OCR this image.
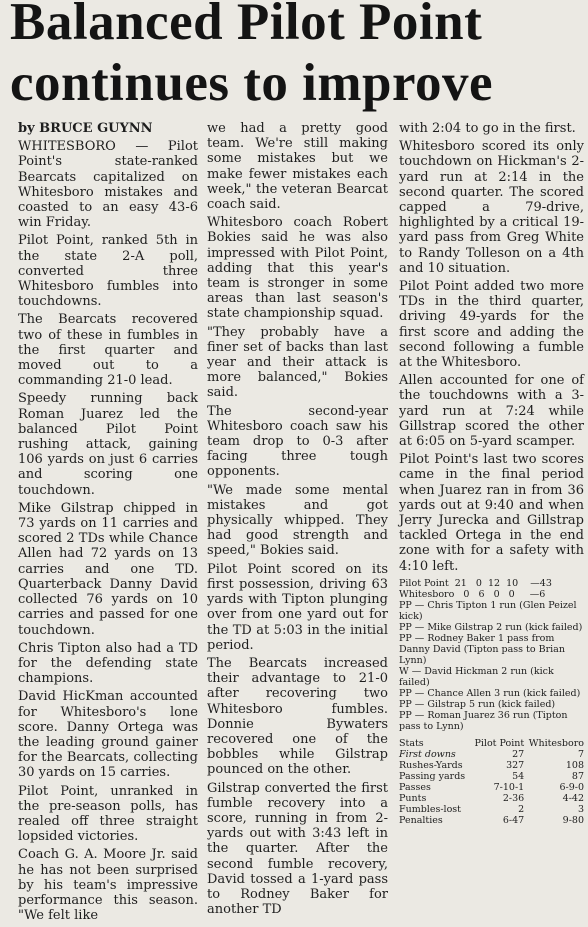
Balanced Pilot Point
continues to improve

by BRUCE GUYNN

WHITESBORO — Pilot Point's state-ranked Bearcats capitalized on Whitesboro mistakes and coasted to an easy 43-6 win Friday.

Pilot Point, ranked 5th in the state 2-A poll, converted three Whitesboro fumbles into touchdowns.

The Bearcats recovered two of these in fumbles in the first quarter and moved out to a commanding 21-0 lead.

Speedy running back Roman Juarez led the balanced Pilot Point rushing attack, gaining 106 yards on just 6 carries and scoring one touchdown.

Mike Gilstrap chipped in 73 yards on 11 carries and scored 2 TDs while Chance Allen had 72 yards on 13 carries and one TD. Quarterback Danny David collected 76 yards on 10 carries and passed for one touchdown.

Chris Tipton also had a TD for the defending state champions.

David HicKman accounted for Whitesboro's lone score. Danny Ortega was the leading ground gainer for the Bearcats, collecting 30 yards on 15 carries.

Pilot Point, unranked in the pre-season polls, has realed off three straight lopsided victories.

Coach G. A. Moore Jr. said he has not been surprised by his team's impressive performance this season. "We felt like

we had a pretty good team. We're still making some mistakes but we make fewer mistakes each week," the veteran Bearcat coach said.

Whitesboro coach Robert Bokies said he was also impressed with Pilot Point, adding that this year's team is stronger in some areas than last season's state championship squad.

"They probably have a finer set of backs than last year and their attack is more balanced," Bokies said.

The second-year Whitesboro coach saw his team drop to 0-3 after facing three tough opponents.

"We made some mental mistakes and got physically whipped. They had good strength and speed," Bokies said.

Pilot Point scored on its first possession, driving 63 yards with Tipton plunging over from one yard out for the TD at 5:03 in the initial period.

The Bearcats increased their advantage to 21-0 after recovering two Whitesboro fumbles. Donnie Bywaters recovered one of the bobbles while Gilstrap pounced on the other.

Gilstrap converted the first fumble recovery into a score, running in from 2-yards out with 3:43 left in the quarter. After the second fumble recovery, David tossed a 1-yard pass to Rodney Baker for another TD

with 2:04 to go in the first.

Whitesboro scored its only touchdown on Hickman's 2-yard run at 2:14 in the second quarter. The scored capped a 79-drive, highlighted by a critical 19-yard pass from Greg White to Randy Tolleson on a 4th and 10 situation.

Pilot Point added two more TDs in the third quarter, driving 49-yards for the first score and adding the second following a fumble at the Whitesboro.

Allen accounted for one of the touchdowns with a 3-yard run at 7:24 while Gillstrap scored the other at 6:05 on 5-yard scamper.

Pilot Point's last two scores came in the final period when Juarez ran in from 36 yards out at 9:40 and when Jerry Jurecka and Gillstrap tackled Ortega in the end zone with for a safety with 4:10 left.

Pilot Point  21   0  12  10    —43
Whitesboro   0   6   0   0     —6

PP — Chris Tipton 1 run (Glen Peizel kick)

PP — Mike Gilstrap 2 run (kick failed)

PP — Rodney Baker 1 pass from Danny David (Tipton pass to Brian Lynn)

W — David Hickman 2 run (kick failed)

PP — Chance Allen 3 run (kick failed)

PP — Gilstrap 5 run (kick failed)

PP — Roman Juarez 36 run (Tipton pass to Lynn)

Stats	Pilot Point	Whitesboro
First downs	27	7
Rushes-Yards	327	108
Passing yards	54	87
Passes	7-10-1	6-9-0
Punts	2-36	4-42
Fumbles-lost	2	3
Penalties	6-47	9-80
